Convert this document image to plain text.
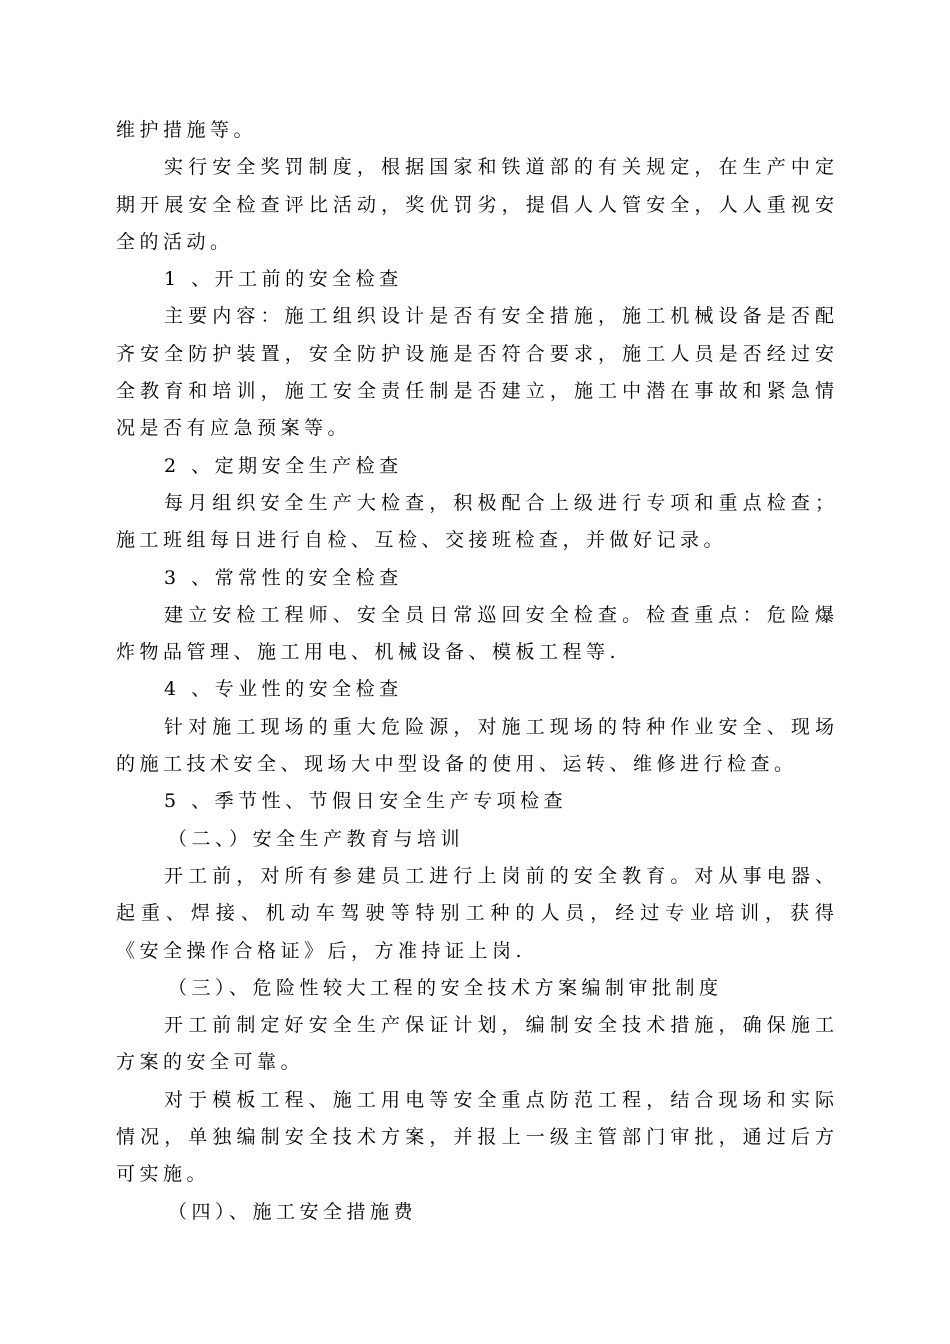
维护措施等。
实行安全奖罚制度，根据国家和铁道部的有关规定，在生产中定
期开展安全检查评比活动，奖优罚劣，提倡人人管安全，人人重视安
全的活动。
1 、开工前的安全检查
主要内容：施工组织设计是否有安全措施，施工机械设备是否配
齐安全防护装置，安全防护设施是否符合要求，施工人员是否经过安
全教育和培训，施工安全责任制是否建立，施工中潜在事故和紧急情
况是否有应急预案等。
2 、定期安全生产检查
每月组织安全生产大检查，积极配合上级进行专项和重点检查；
施工班组每日进行自检、互检、交接班检查，并做好记录。
3 、常常性的安全检查
建立安检工程师、安全员日常巡回安全检查。检查重点：危险爆
炸物品管理、施工用电、机械设备、模板工程等.
4 、专业性的安全检查
针对施工现场的重大危险源，对施工现场的特种作业安全、现场
的施工技术安全、现场大中型设备的使用、运转、维修进行检查。
5 、季节性、节假日安全生产专项检查
（二、）安全生产教育与培训
开工前，对所有参建员工进行上岗前的安全教育。对从事电器、
起重、焊接、机动车驾驶等特别工种的人员，经过专业培训，获得
《安全操作合格证》后，方准持证上岗.
（三）、危险性较大工程的安全技术方案编制审批制度
开工前制定好安全生产保证计划，编制安全技术措施，确保施工
方案的安全可靠。
对于模板工程、施工用电等安全重点防范工程，结合现场和实际
情况，单独编制安全技术方案，并报上一级主管部门审批，通过后方
可实施。
（四）、施工安全措施费
